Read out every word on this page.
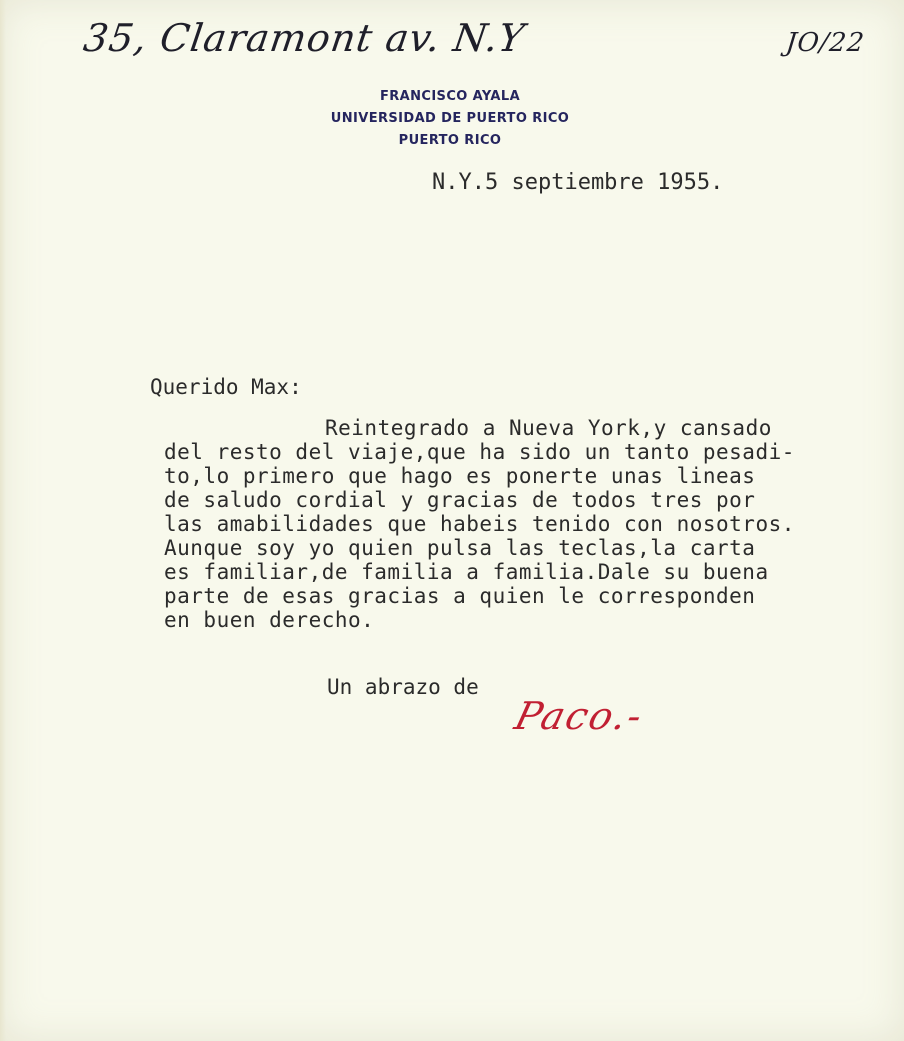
35, Claramont av. N.Y	JO/22
FRANCISCO AYALA
UNIVERSIDAD DE PUERTO RICO
PUERTO RICO
N.Y.5 septiembre 1955.
Querido Max:
Reintegrado a Nueva York,y cansado
del resto del viaje,que ha sido un tanto pesadi-
to,lo primero que hago es ponerte unas lineas
de saludo cordial y gracias de todos tres por
las amabilidades que habeis tenido con nosotros.
Aunque soy yo quien pulsa las teclas,la carta
es familiar,de familia a familia.Dale su buena
parte de esas gracias a quien le corresponden
en buen derecho.
Un abrazo de
Paco.-
